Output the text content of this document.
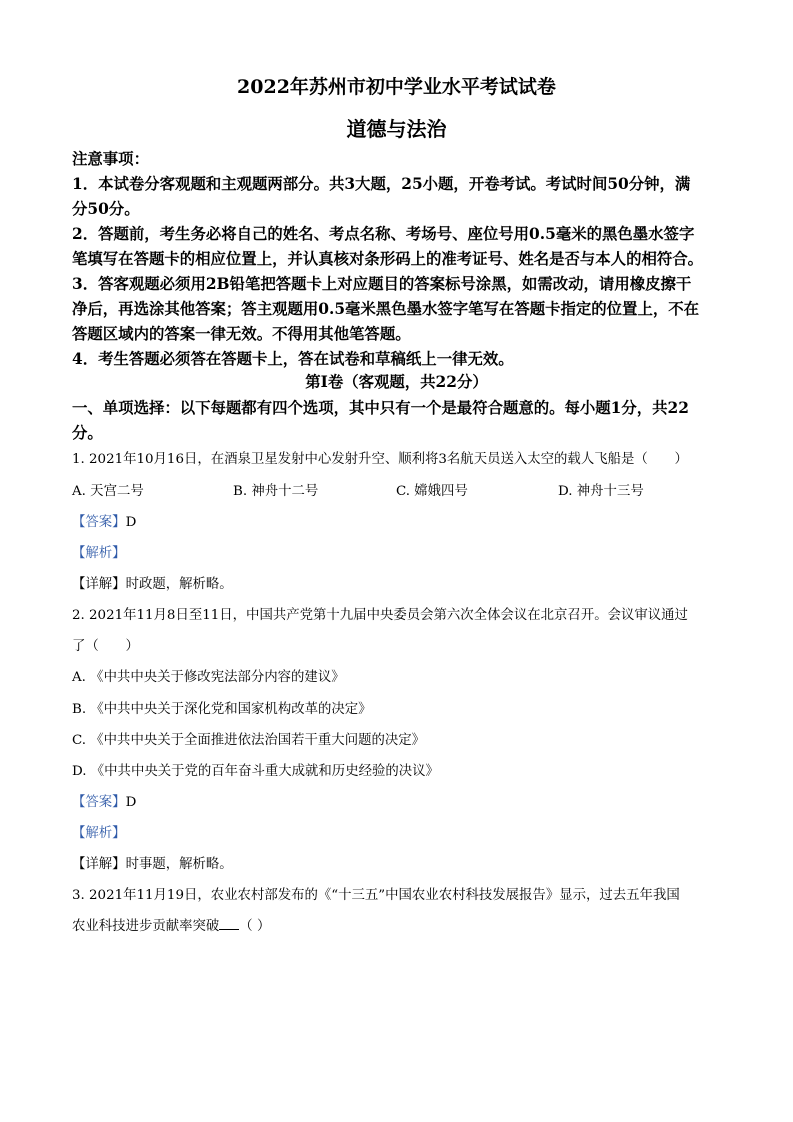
2022年苏州市初中学业水平考试试卷
道德与法治
注意事项：
1．本试卷分客观题和主观题两部分。共3大题，25小题，开卷考试。考试时间50分钟，满
分50分。
2．答题前，考生务必将自己的姓名、考点名称、考场号、座位号用0.5毫米的黑色墨水签字
笔填写在答题卡的相应位置上，并认真核对条形码上的准考证号、姓名是否与本人的相符合。
3．答客观题必须用2B铅笔把答题卡上对应题目的答案标号涂黑，如需改动，请用橡皮擦干
净后，再选涂其他答案；答主观题用0.5毫米黑色墨水签字笔写在答题卡指定的位置上，不在
答题区域内的答案一律无效。不得用其他笔答题。
4．考生答题必须答在答题卡上，答在试卷和草稿纸上一律无效。
第Ⅰ卷（客观题，共22分）
一、单项选择：以下每题都有四个选项，其中只有一个是最符合题意的。每小题1分，共22
分。
1. 2021年10月16日，在酒泉卫星发射中心发射升空、顺利将3名航天员送入太空的载人飞船是（　　）
A. 天宫二号	B. 神舟十二号	C. 嫦娥四号	D. 神舟十三号
【答案】D
【解析】
【详解】时政题，解析略。
2. 2021年11月8日至11日，中国共产党第十九届中央委员会第六次全体会议在北京召开。会议审议通过
了（　　）
A. 《中共中央关于修改宪法部分内容的建议》
B. 《中共中央关于深化党和国家机构改革的决定》
C. 《中共中央关于全面推进依法治国若干重大问题的决定》
D. 《中共中央关于党的百年奋斗重大成就和历史经验的决议》
【答案】D
【解析】
【详解】时事题，解析略。
3. 2021年11月19日，农业农村部发布的《“十三五”中国农业农村科技发展报告》显示，过去五年我国
农业科技进步贡献率突破 （ ）
